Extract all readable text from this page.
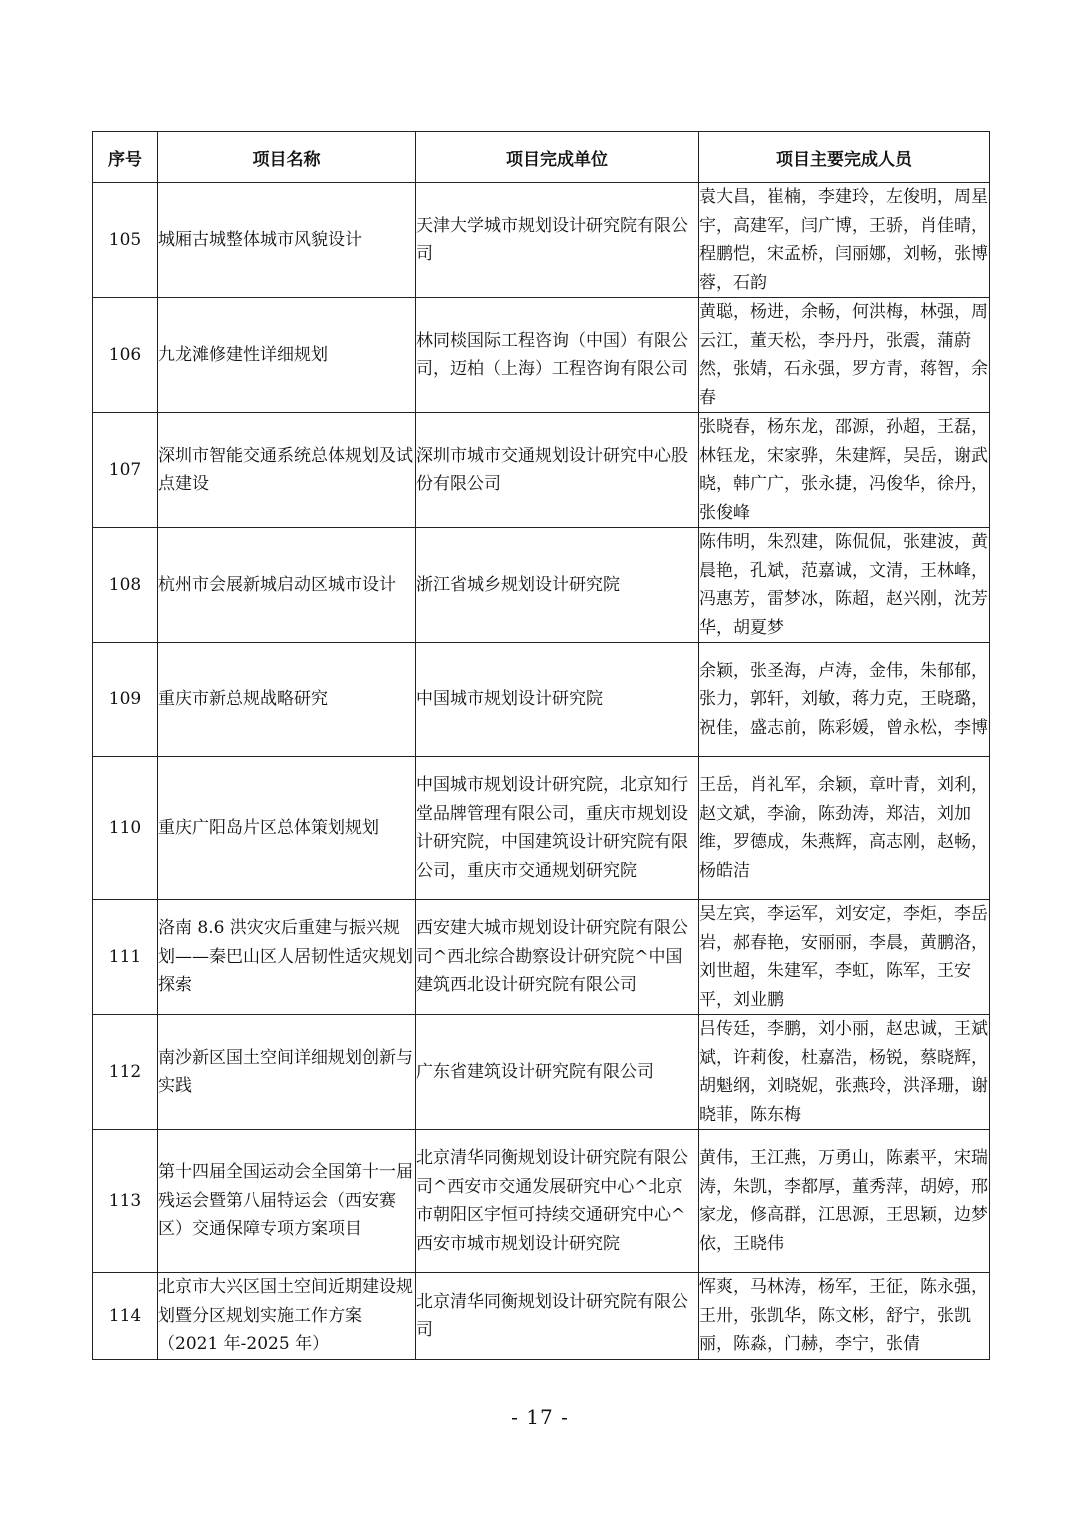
序号	项目名称	项目完成单位	项目主要完成人员
105	城厢古城整体城市风貌设计	天津大学城市规划设计研究院有限公司	袁大昌，崔楠，李建玲，左俊明，周星宇，高建军，闫广博，王骄，肖佳晴，程鹏恺，宋孟桥，闫丽娜，刘畅，张博蓉，石韵
106	九龙滩修建性详细规划	林同棪国际工程咨询（中国）有限公司，迈柏（上海）工程咨询有限公司	黄聪，杨进，余畅，何洪梅，林强，周云江，董天松，李丹丹，张震，蒲蔚然，张婧，石永强，罗方青，蒋智，余春
107	深圳市智能交通系统总体规划及试点建设	深圳市城市交通规划设计研究中心股份有限公司	张晓春，杨东龙，邵源，孙超，王磊，林钰龙，宋家骅，朱建辉，吴岳，谢武晓，韩广广，张永捷，冯俊华，徐丹，张俊峰
108	杭州市会展新城启动区城市设计	浙江省城乡规划设计研究院	陈伟明，朱烈建，陈侃侃，张建波，黄晨艳，孔斌，范嘉诚，文清，王林峰，冯惠芳，雷梦冰，陈超，赵兴刚，沈芳华，胡夏梦
109	重庆市新总规战略研究	中国城市规划设计研究院	余颖，张圣海，卢涛，金伟，朱郁郁，张力，郭轩，刘敏，蒋力克，王晓璐，祝佳，盛志前，陈彩媛，曾永松，李博
110	重庆广阳岛片区总体策划规划	中国城市规划设计研究院，北京知行堂品牌管理有限公司，重庆市规划设计研究院，中国建筑设计研究院有限公司，重庆市交通规划研究院	王岳，肖礼军，余颖，章叶青，刘利，赵文斌，李渝，陈劲涛，郑洁，刘加维，罗德成，朱燕辉，高志刚，赵畅，杨皓洁
111	洛南 8.6 洪灾灾后重建与振兴规划——秦巴山区人居韧性适灾规划探索	西安建大城市规划设计研究院有限公司^西北综合勘察设计研究院^中国建筑西北设计研究院有限公司	吴左宾，李运军，刘安定，李炬，李岳岩，郝春艳，安丽丽，李晨，黄鹏洛，刘世超，朱建军，李虹，陈军，王安平，刘业鹏
112	南沙新区国土空间详细规划创新与实践	广东省建筑设计研究院有限公司	吕传廷，李鹏，刘小丽，赵忠诚，王斌斌，许莉俊，杜嘉浩，杨锐，蔡晓辉，胡魁纲，刘晓妮，张燕玲，洪泽珊，谢晓菲，陈东梅
113	第十四届全国运动会全国第十一届残运会暨第八届特运会（西安赛区）交通保障专项方案项目	北京清华同衡规划设计研究院有限公司^西安市交通发展研究中心^北京市朝阳区宇恒可持续交通研究中心^西安市城市规划设计研究院	黄伟，王江燕，万勇山，陈素平，宋瑞涛，朱凯，李都厚，董秀萍，胡婷，邢家龙，修高群，江思源，王思颖，边梦依，王晓伟
114	北京市大兴区国土空间近期建设规划暨分区规划实施工作方案（2021 年-2025 年）	北京清华同衡规划设计研究院有限公司	恽爽，马林涛，杨军，王征，陈永强，王卅，张凯华，陈文彬，舒宁，张凯丽，陈淼，门赫，李宁，张倩
- 17 -
